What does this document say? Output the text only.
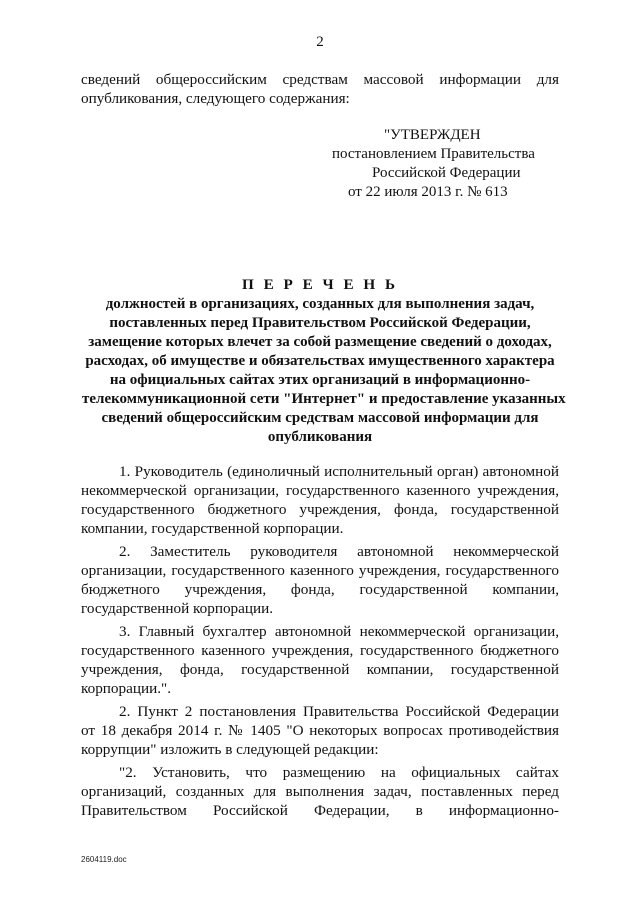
2
сведений общероссийским средствам массовой информации для
опубликования, следующего содержания:
"УТВЕРЖДЕН
постановлением Правительства
Российской Федерации
от 22 июля 2013 г. № 613
П Е Р Е Ч Е Н Ь
должностей в организациях, созданных для выполнения задач,
поставленных перед Правительством Российской Федерации,
замещение которых влечет за собой размещение сведений о доходах,
расходах, об имуществе и обязательствах имущественного характера
на официальных сайтах этих организаций в информационно-
телекоммуникационной сети "Интернет" и предоставление указанных
сведений общероссийским средствам массовой информации для
опубликования
1. Руководитель (единоличный исполнительный орган) автономной
некоммерческой организации, государственного казенного учреждения,
государственного бюджетного учреждения, фонда, государственной
компании, государственной корпорации.
2. Заместитель руководителя автономной некоммерческой
организации, государственного казенного учреждения, государственного
бюджетного учреждения, фонда, государственной компании,
государственной корпорации.
3. Главный бухгалтер автономной некоммерческой организации,
государственного казенного учреждения, государственного бюджетного
учреждения, фонда, государственной компании, государственной
корпорации.".
2. Пункт 2 постановления Правительства Российской Федерации
от 18 декабря 2014 г. № 1405 "О некоторых вопросах противодействия
коррупции" изложить в следующей редакции:
"2. Установить, что размещению на официальных сайтах
организаций, созданных для выполнения задач, поставленных перед
Правительством Российской Федерации, в информационно-
2604119.doc
